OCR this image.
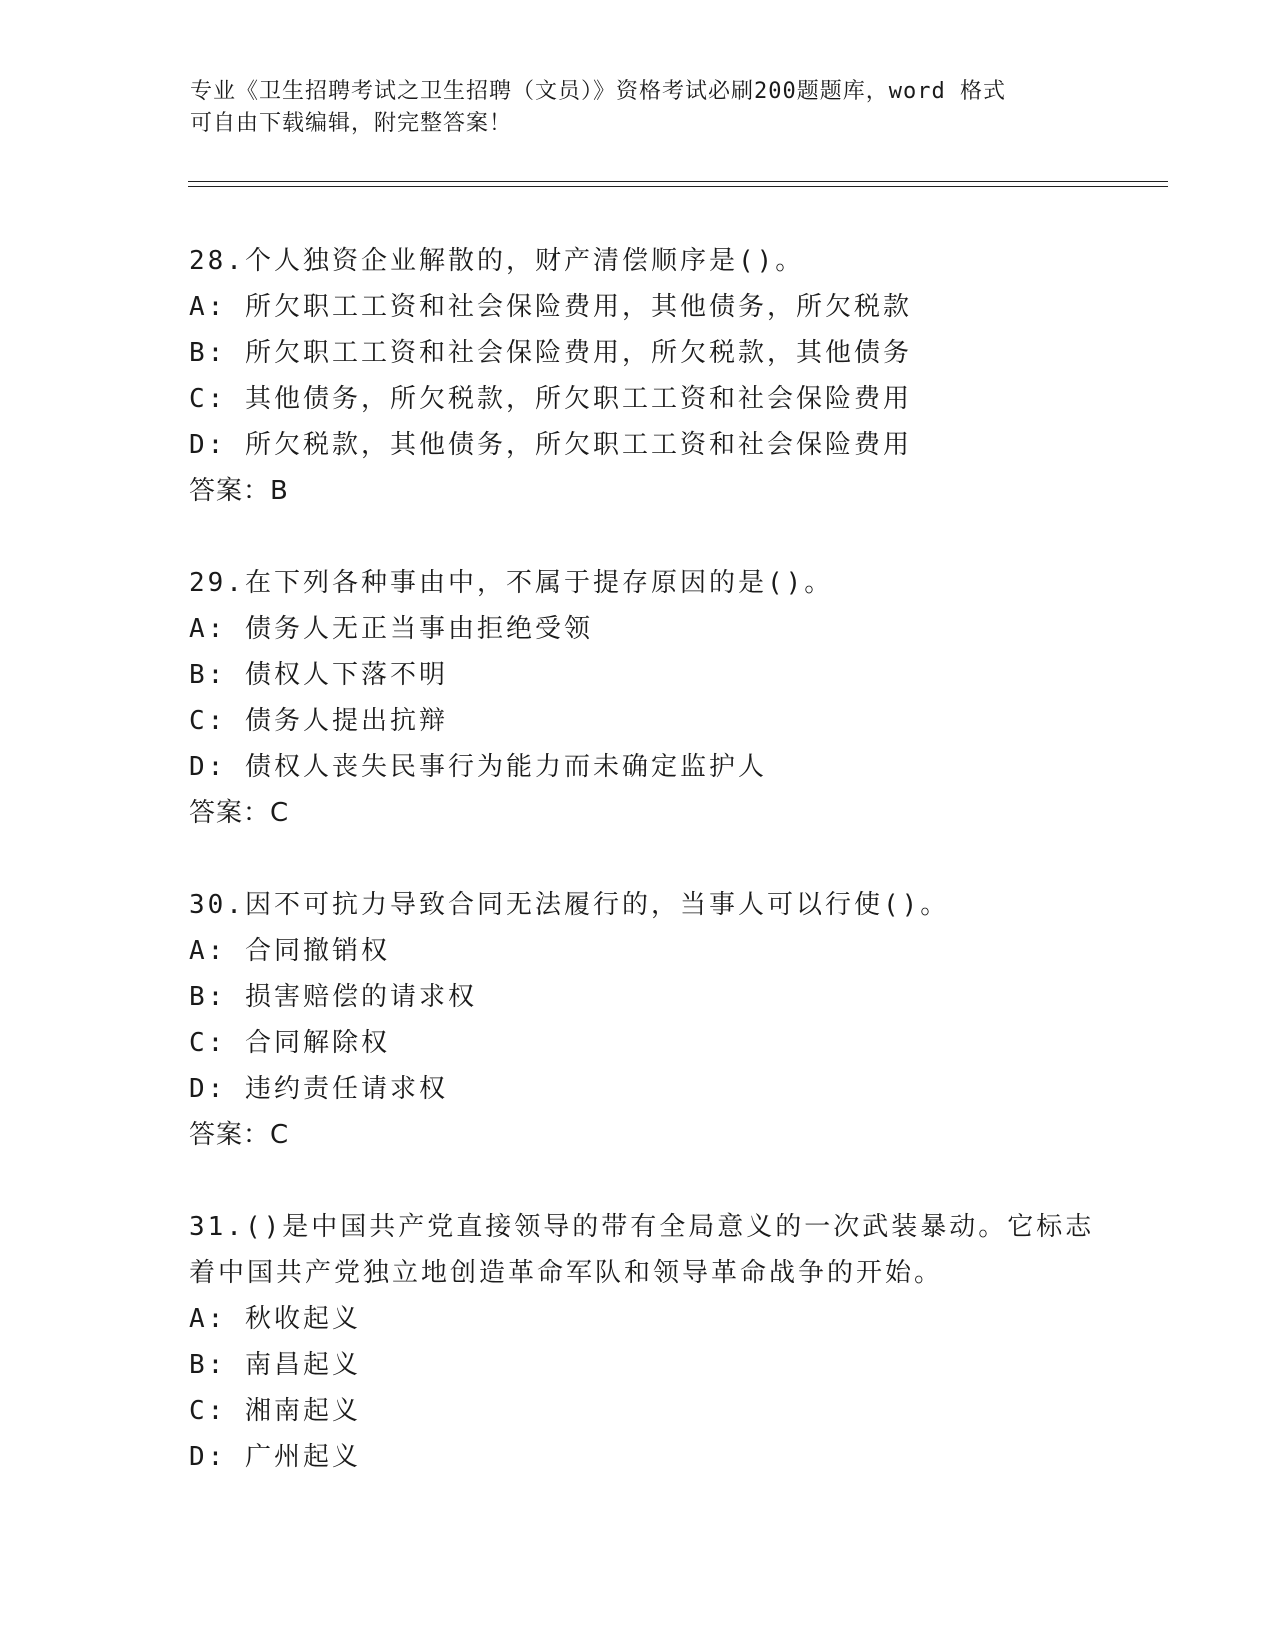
专业《卫生招聘考试之卫生招聘（文员）》资格考试必刷200题题库，word 格式
可自由下载编辑，附完整答案！
28.个人独资企业解散的，财产清偿顺序是()。
A: 所欠职工工资和社会保险费用，其他债务，所欠税款
B: 所欠职工工资和社会保险费用，所欠税款，其他债务
C: 其他债务，所欠税款，所欠职工工资和社会保险费用
D: 所欠税款，其他债务，所欠职工工资和社会保险费用
答案：B
29.在下列各种事由中，不属于提存原因的是()。
A: 债务人无正当事由拒绝受领
B: 债权人下落不明
C: 债务人提出抗辩
D: 债权人丧失民事行为能力而未确定监护人
答案：C
30.因不可抗力导致合同无法履行的，当事人可以行使()。
A: 合同撤销权
B: 损害赔偿的请求权
C: 合同解除权
D: 违约责任请求权
答案：C
31.()是中国共产党直接领导的带有全局意义的一次武装暴动。它标志
着中国共产党独立地创造革命军队和领导革命战争的开始。
A: 秋收起义
B: 南昌起义
C: 湘南起义
D: 广州起义
